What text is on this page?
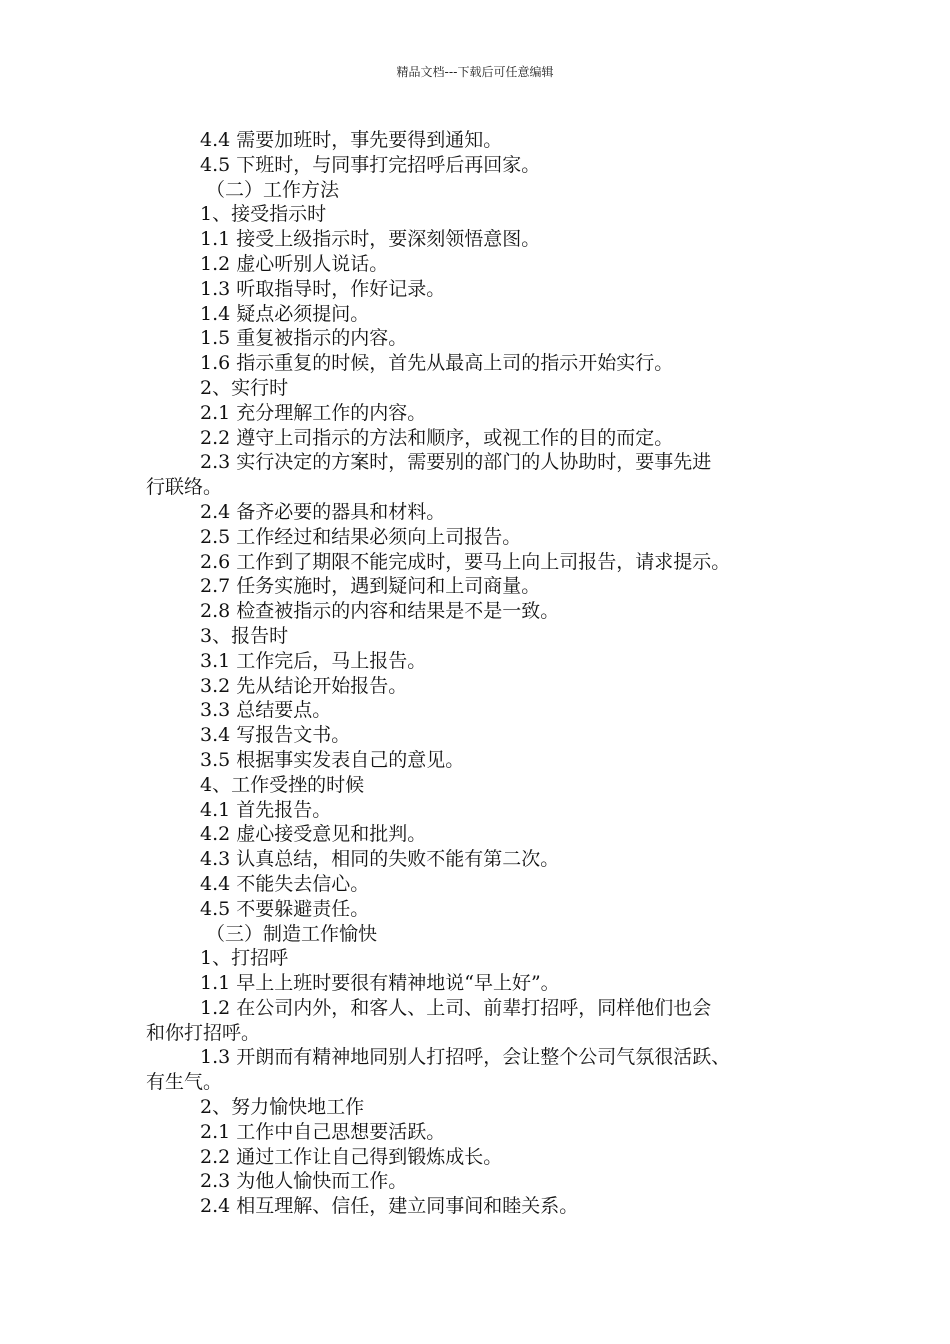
精品文档---下载后可任意编辑
4.4 需要加班时，事先要得到通知。
4.5 下班时，与同事打完招呼后再回家。
（二）工作方法
1、接受指示时
1.1 接受上级指示时，要深刻领悟意图。
1.2 虚心听别人说话。
1.3 听取指导时，作好记录。
1.4 疑点必须提问。
1.5 重复被指示的内容。
1.6 指示重复的时候，首先从最高上司的指示开始实行。
2、实行时
2.1 充分理解工作的内容。
2.2 遵守上司指示的方法和顺序，或视工作的目的而定。
2.3 实行决定的方案时，需要别的部门的人协助时，要事先进
行联络。
2.4 备齐必要的器具和材料。
2.5 工作经过和结果必须向上司报告。
2.6 工作到了期限不能完成时，要马上向上司报告，请求提示。
2.7 任务实施时，遇到疑问和上司商量。
2.8 检查被指示的内容和结果是不是一致。
3、报告时
3.1 工作完后，马上报告。
3.2 先从结论开始报告。
3.3 总结要点。
3.4 写报告文书。
3.5 根据事实发表自己的意见。
4、工作受挫的时候
4.1 首先报告。
4.2 虚心接受意见和批判。
4.3 认真总结，相同的失败不能有第二次。
4.4 不能失去信心。
4.5 不要躲避责任。
（三）制造工作愉快
1、打招呼
1.1 早上上班时要很有精神地说“早上好”。
1.2 在公司内外，和客人、上司、前辈打招呼，同样他们也会
和你打招呼。
1.3 开朗而有精神地同别人打招呼，会让整个公司气氛很活跃、
有生气。
2、努力愉快地工作
2.1 工作中自己思想要活跃。
2.2 通过工作让自己得到锻炼成长。
2.3 为他人愉快而工作。
2.4 相互理解、信任，建立同事间和睦关系。
